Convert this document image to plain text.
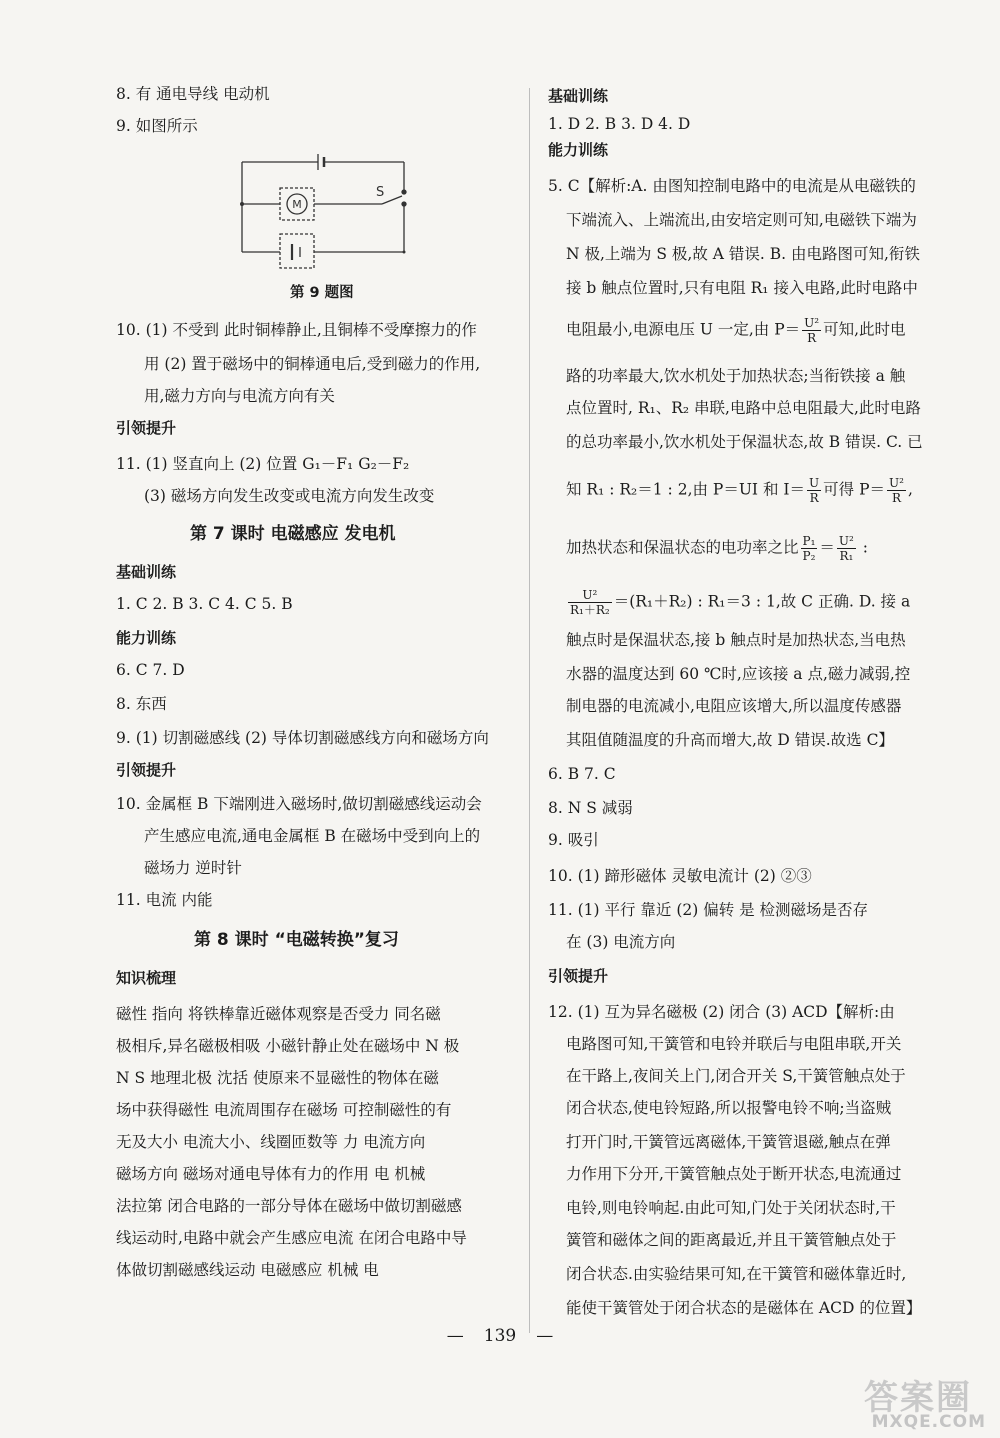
8. 有 通电导线 电动机
9. 如图所示
M
S
第 9 题图
10. (1) 不受到 此时铜棒静止,且铜棒不受摩擦力的作
用 (2) 置于磁场中的铜棒通电后,受到磁力的作用,
用,磁力方向与电流方向有关
引领提升
11. (1) 竖直向上 (2) 位置 G₁－F₁ G₂－F₂
(3) 磁场方向发生改变或电流方向发生改变
第 7 课时 电磁感应 发电机
基础训练
1. C 2. B 3. C 4. C 5. B
能力训练
6. C 7. D
8. 东西
9. (1) 切割磁感线 (2) 导体切割磁感线方向和磁场方向
引领提升
10. 金属框 B 下端刚进入磁场时,做切割磁感线运动会
产生感应电流,通电金属框 B 在磁场中受到向上的
磁场力 逆时针
11. 电流 内能
第 8 课时 “电磁转换”复习
知识梳理
磁性 指向 将铁棒靠近磁体观察是否受力 同名磁
极相斥,异名磁极相吸 小磁针静止处在磁场中 N 极
N S 地理北极 沈括 使原来不显磁性的物体在磁
场中获得磁性 电流周围存在磁场 可控制磁性的有
无及大小 电流大小、线圈匝数等 力 电流方向
磁场方向 磁场对通电导体有力的作用 电 机械
法拉第 闭合电路的一部分导体在磁场中做切割磁感
线运动时,电路中就会产生感应电流 在闭合电路中导
体做切割磁感线运动 电磁感应 机械 电
基础训练
1. D 2. B 3. D 4. D
能力训练
5. C【解析:A. 由图知控制电路中的电流是从电磁铁的
下端流入、上端流出,由安培定则可知,电磁铁下端为
N 极,上端为 S 极,故 A 错误. B. 由电路图可知,衔铁
接 b 触点位置时,只有电阻 R₁ 接入电路,此时电路中
电阻最小,电源电压 U 一定,由 $P= \frac{\text{U²}}{R}$ 可知,此时电
路的功率最大,饮水机处于加热状态;当衔铁接 a 触
点位置时, R₁、R₂ 串联,电路中总电阻最大,此时电路
的总功率最小,饮水机处于保温状态,故 B 错误. C. 已
知 R₁ : R₂＝1 : 2,由 P＝UI 和 $I= \frac{U}{R}$ 可得 $P= \frac{\text{U²}}{R}$ ,
加热状态和保温状态的电功率之比 $\frac{\text{P₁}}{\text{P₂}} = \frac{\text{U²}}{\text{R₁}}$ :
$\frac{\text{U²}}{\text{R₁＋R₂}} =(R_1+R_2)$ : R₁＝3 : 1,故 C 正确. D. 接 a
触点时是保温状态,接 b 触点时是加热状态,当电热
水器的温度达到 60 ℃时,应该接 a 点,磁力减弱,控
制电器的电流减小,电阻应该增大,所以温度传感器
其阻值随温度的升高而增大,故 D 错误.故选 C】
6. B 7. C
8. N S 减弱
9. 吸引
10. (1) 蹄形磁体 灵敏电流计 (2) ②③
11. (1) 平行 靠近 (2) 偏转 是 检测磁场是否存
在 (3) 电流方向
引领提升
12. (1) 互为异名磁极 (2) 闭合 (3) ACD【解析:由
电路图可知,干簧管和电铃并联后与电阻串联,开关
在干路上,夜间关上门,闭合开关 S,干簧管触点处于
闭合状态,使电铃短路,所以报警电铃不响;当盗贼
打开门时,干簧管远离磁体,干簧管退磁,触点在弹
力作用下分开,干簧管触点处于断开状态,电流通过
电铃,则电铃响起.由此可知,门处于关闭状态时,干
簧管和磁体之间的距离最近,并且干簧管触点处于
闭合状态.由实验结果可知,在干簧管和磁体靠近时,
能使干簧管处于闭合状态的是磁体在 ACD 的位置】
— 139 —
答案圈
MXQE.COM
